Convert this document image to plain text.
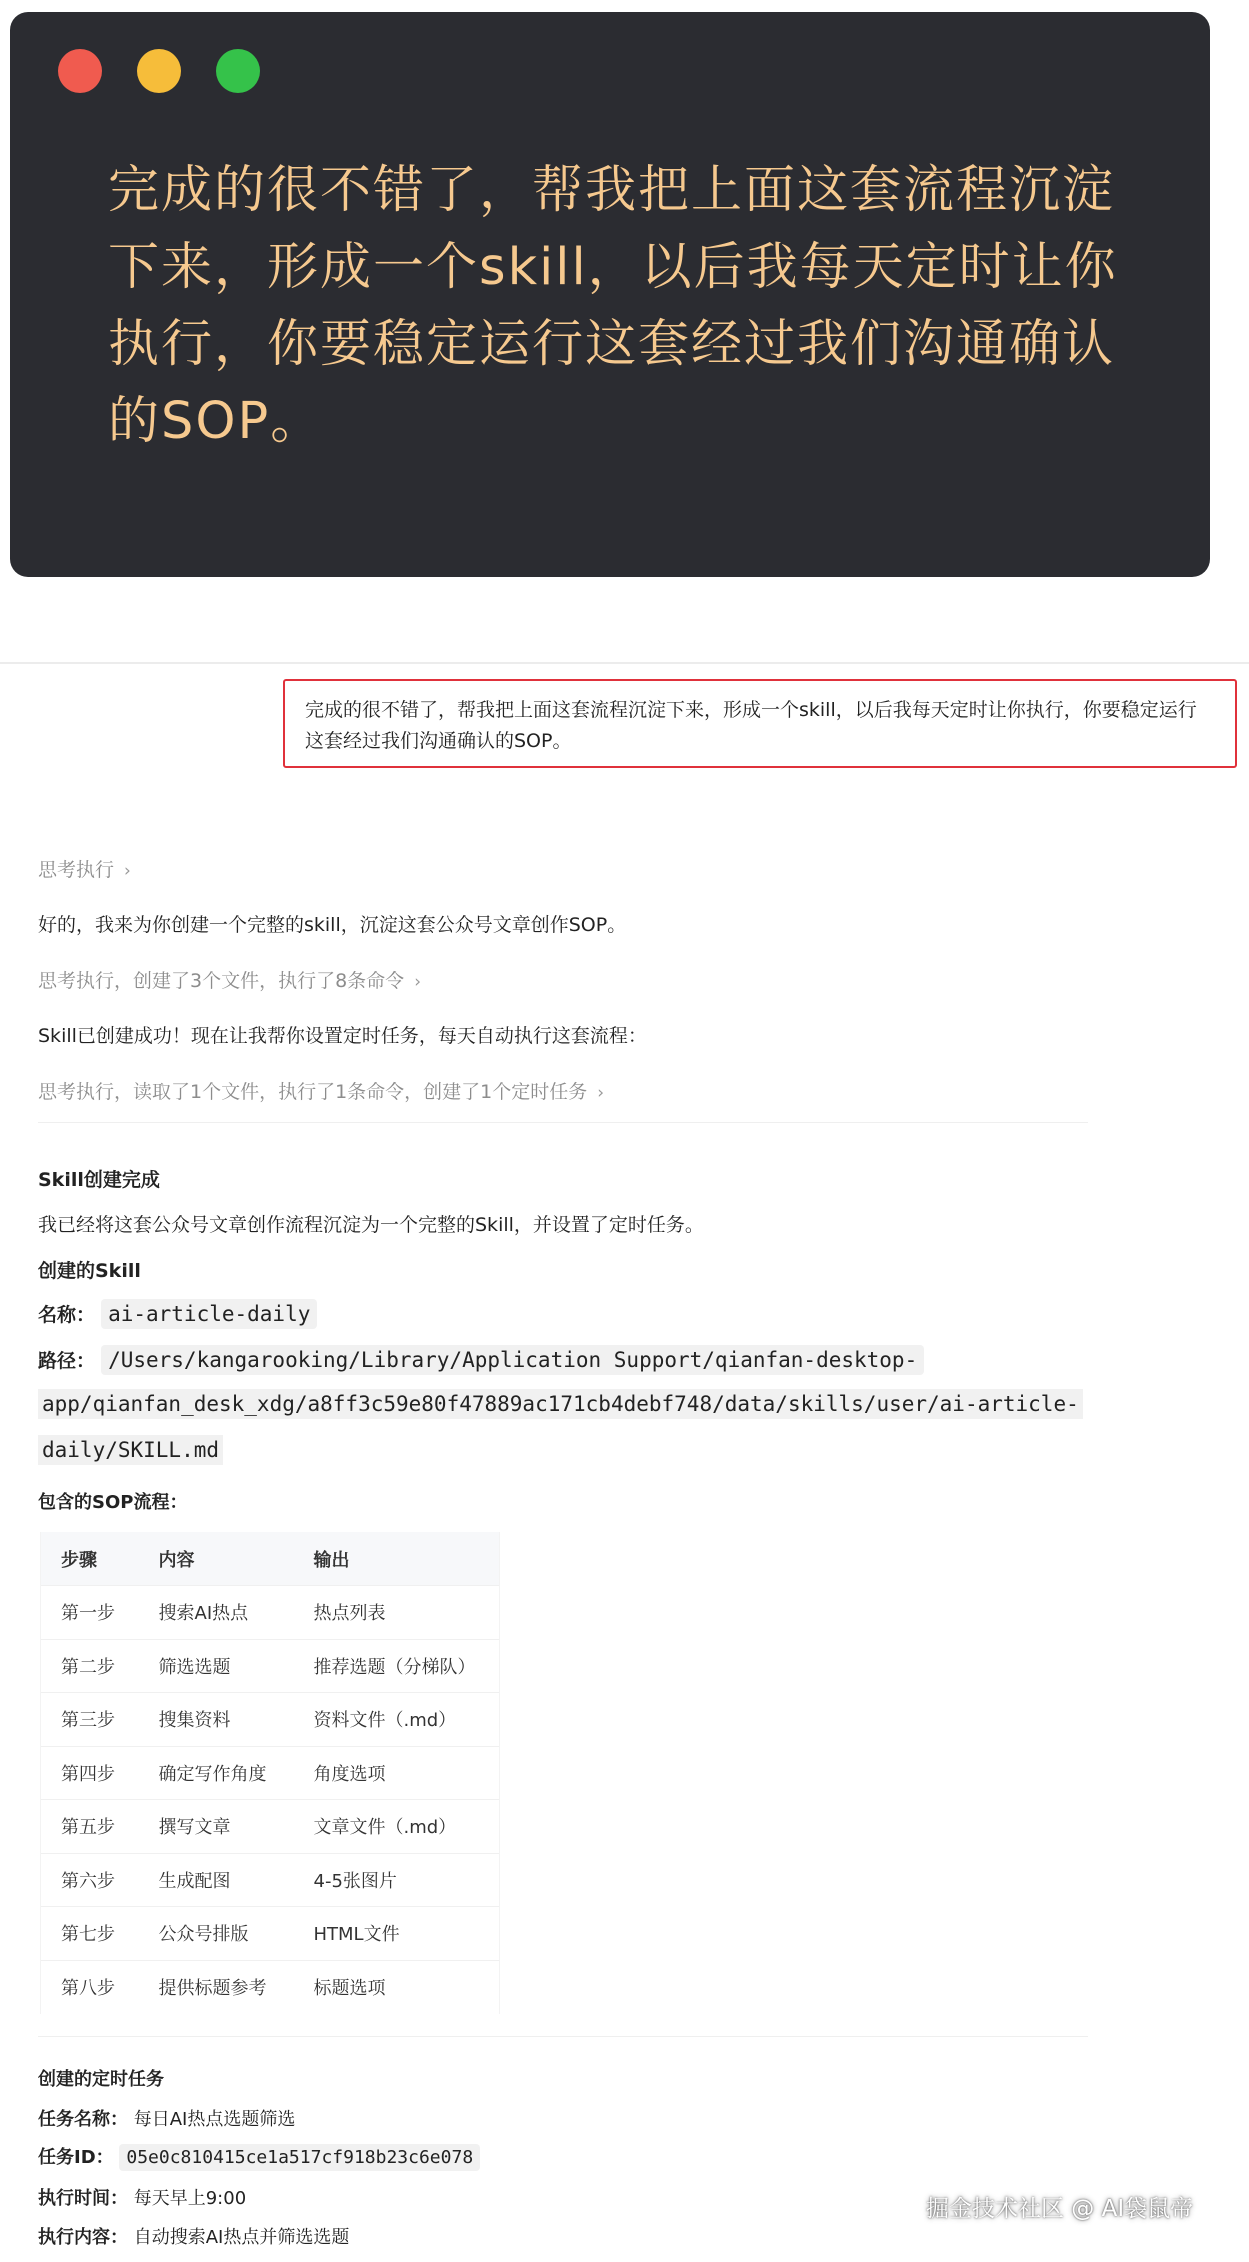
完成的很不错了，帮我把上面这套流程沉淀下来，形成一个skill，以后我每天定时让你执行，你要稳定运行这套经过我们沟通确认的SOP。
完成的很不错了，帮我把上面这套流程沉淀下来，形成一个skill，以后我每天定时让你执行，你要稳定运行这套经过我们沟通确认的SOP。
思考执行 ›
好的，我来为你创建一个完整的skill，沉淀这套公众号文章创作SOP。
思考执行，创建了3个文件，执行了8条命令 ›
Skill已创建成功！现在让我帮你设置定时任务，每天自动执行这套流程：
思考执行，读取了1个文件，执行了1条命令，创建了1个定时任务 ›
Skill创建完成
我已经将这套公众号文章创作流程沉淀为一个完整的Skill，并设置了定时任务。
创建的Skill
名称： ai-article-daily
路径： /Users/kangarooking/Library/Application Support/qianfan-desktop-
app/qianfan_desk_xdg/a8ff3c59e80f47889ac171cb4debf748/data/skills/user/ai-article-
daily/SKILL.md
包含的SOP流程：
步骤	内容	输出
第一步	搜索AI热点	热点列表
第二步	筛选选题	推荐选题（分梯队）
第三步	搜集资料	资料文件（.md）
第四步	确定写作角度	角度选项
第五步	撰写文章	文章文件（.md）
第六步	生成配图	4-5张图片
第七步	公众号排版	HTML文件
第八步	提供标题参考	标题选项
创建的定时任务
任务名称： 每日AI热点选题筛选
任务ID： 05e0c810415ce1a517cf918b23c6e078
执行时间： 每天早上9:00
执行内容： 自动搜索AI热点并筛选选题
掘金技术社区 @ AI袋鼠帝
